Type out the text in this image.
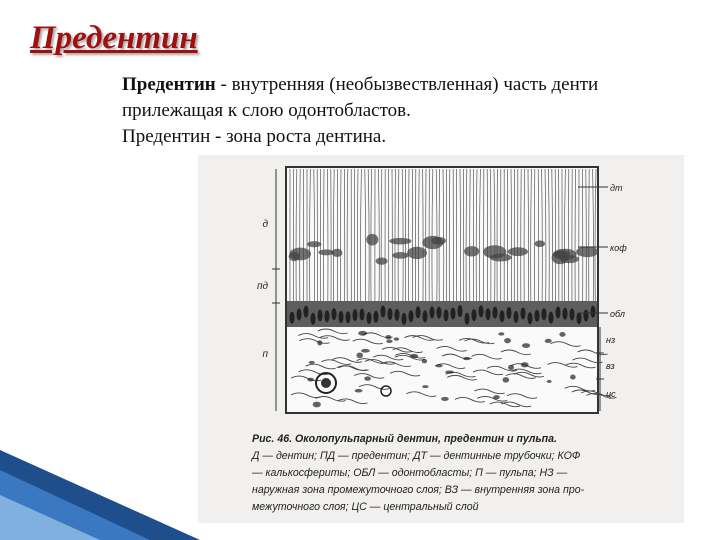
Предентин

Предентин - внутренняя (необызвествленная) часть денти

прилежащая к слою одонтобластов.

Предентин - зона роста дентина.

д
пд
п
дт
коф
обл
нз
вз
цс
Рис. 46. Околопульпарный дентин, предентин и пульпа.
Д — дентин; ПД — предентин; ДТ — дентинные трубочки; КОФ
— калькосфериты; ОБЛ — одонтобласты; П — пульпа; НЗ —
наружная зона промежуточного слоя; ВЗ — внутренняя зона про-
межуточного слоя; ЦС — центральный слой
